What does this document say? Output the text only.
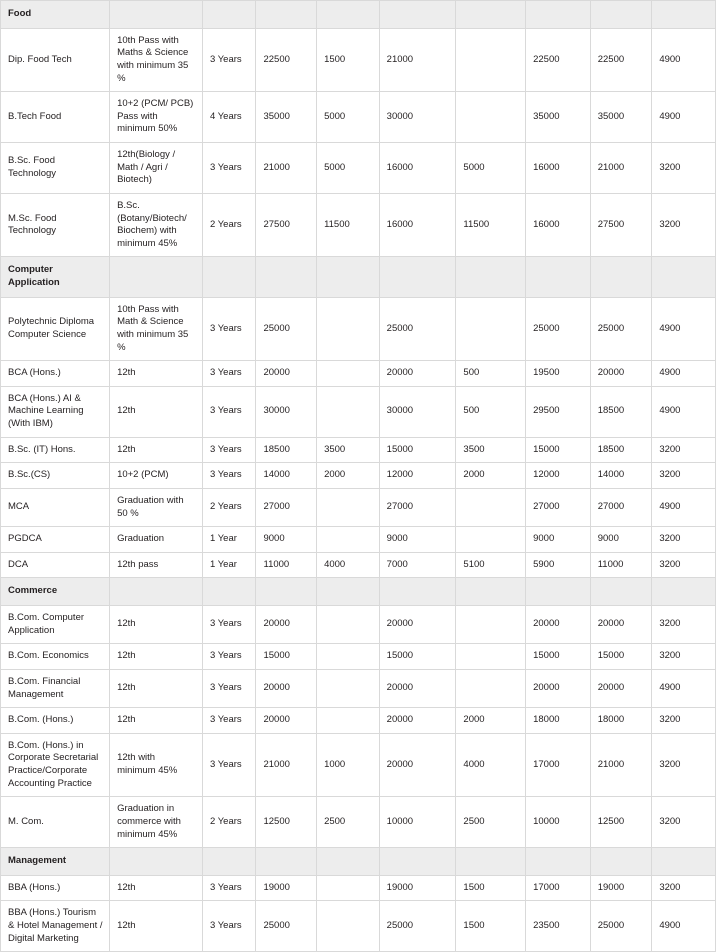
Food									
Dip. Food Tech	10th Pass with Maths & Science with minimum 35 %	3 Years	22500	1500	21000		22500	22500	4900
B.Tech Food	10+2 (PCM/ PCB) Pass with minimum 50%	4 Years	35000	5000	30000		35000	35000	4900
B.Sc. Food Technology	12th(Biology / Math / Agri / Biotech)	3 Years	21000	5000	16000	5000	16000	21000	3200
M.Sc. Food Technology	B.Sc. (Botany/Biotech/ Biochem) with minimum 45%	2 Years	27500	11500	16000	11500	16000	27500	3200
Computer Application									
Polytechnic Diploma Computer Science	10th Pass with Math & Science with minimum 35 %	3 Years	25000		25000		25000	25000	4900
BCA (Hons.)	12th	3 Years	20000		20000	500	19500	20000	4900
BCA (Hons.) AI & Machine Learning (With IBM)	12th	3 Years	30000		30000	500	29500	18500	4900
B.Sc. (IT) Hons.	12th	3 Years	18500	3500	15000	3500	15000	18500	3200
B.Sc.(CS)	10+2 (PCM)	3 Years	14000	2000	12000	2000	12000	14000	3200
MCA	Graduation with 50 %	2 Years	27000		27000		27000	27000	4900
PGDCA	Graduation	1 Year	9000		9000		9000	9000	3200
DCA	12th pass	1 Year	11000	4000	7000	5100	5900	11000	3200
Commerce									
B.Com. Computer Application	12th	3 Years	20000		20000		20000	20000	3200
B.Com. Economics	12th	3 Years	15000		15000		15000	15000	3200
B.Com. Financial Management	12th	3 Years	20000		20000		20000	20000	4900
B.Com. (Hons.)	12th	3 Years	20000		20000	2000	18000	18000	3200
B.Com. (Hons.) in Corporate Secretarial Practice/Corporate Accounting Practice	12th with minimum 45%	3 Years	21000	1000	20000	4000	17000	21000	3200
M. Com.	Graduation in commerce with minimum 45%	2 Years	12500	2500	10000	2500	10000	12500	3200
Management									
BBA (Hons.)	12th	3 Years	19000		19000	1500	17000	19000	3200
BBA (Hons.) Tourism & Hotel Management / Digital Marketing	12th	3 Years	25000		25000	1500	23500	25000	4900
